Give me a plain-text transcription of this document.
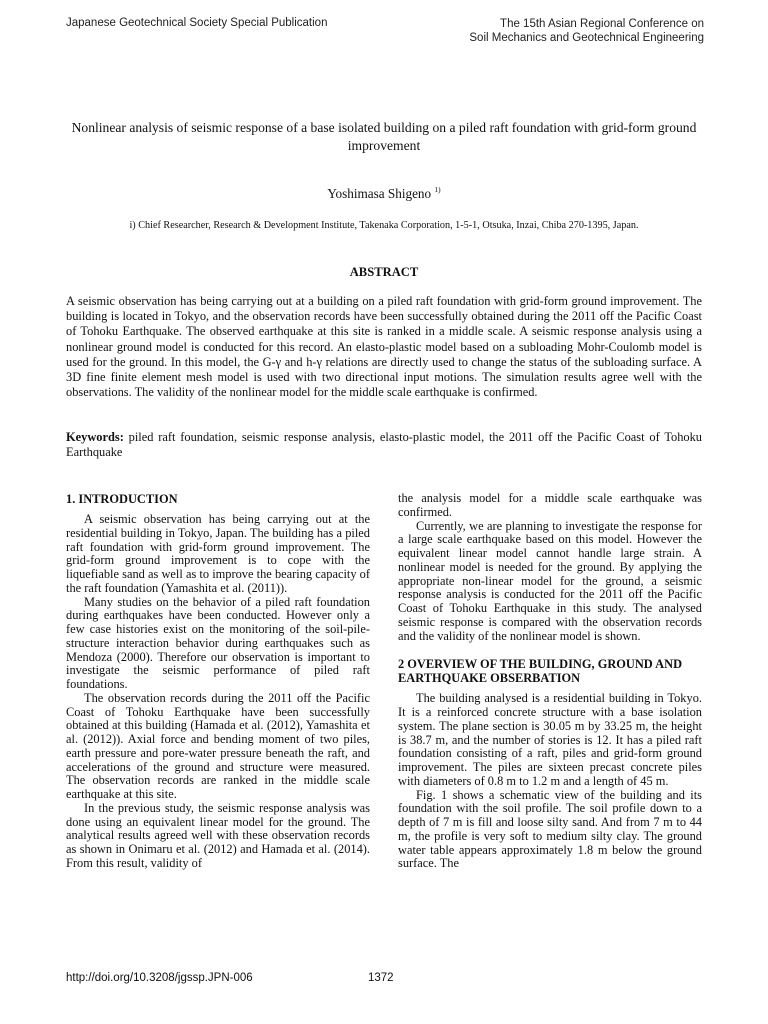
Japanese Geotechnical Society Special Publication	The 15th Asian Regional Conference on
Soil Mechanics and Geotechnical Engineering
Nonlinear analysis of seismic response of a base isolated building on a piled raft foundation with grid-form ground improvement
Yoshimasa Shigeno $^{1)}$
i) Chief Researcher, Research & Development Institute, Takenaka Corporation, 1-5-1, Otsuka, Inzai, Chiba 270-1395, Japan.
ABSTRACT

A seismic observation has being carrying out at a building on a piled raft foundation with grid-form ground improvement. The building is located in Tokyo, and the observation records have been successfully obtained during the 2011 off the Pacific Coast of Tohoku Earthquake. The observed earthquake at this site is ranked in a middle scale. A seismic response analysis using a nonlinear ground model is conducted for this record. An elasto-plastic model based on a subloading Mohr-Coulomb model is used for the ground. In this model, the G-γ and h-γ relations are directly used to change the status of the subloading surface. A 3D fine finite element mesh model is used with two directional input motions. The simulation results agree well with the observations. The validity of the nonlinear model for the middle scale earthquake is confirmed.

Keywords: piled raft foundation, seismic response analysis, elasto-plastic model, the 2011 off the Pacific Coast of Tohoku Earthquake

1. INTRODUCTION

A seismic observation has being carrying out at the residential building in Tokyo, Japan. The building has a piled raft foundation with grid-form ground improvement. The grid-form ground improvement is to cope with the liquefiable sand as well as to improve the bearing capacity of the raft foundation (Yamashita et al. (2011)).

Many studies on the behavior of a piled raft foundation during earthquakes have been conducted. However only a few case histories exist on the monitoring of the soil-pile-structure interaction behavior during earthquakes such as Mendoza (2000). Therefore our observation is important to investigate the seismic performance of piled raft foundations.

The observation records during the 2011 off the Pacific Coast of Tohoku Earthquake have been successfully obtained at this building (Hamada et al. (2012), Yamashita et al. (2012)). Axial force and bending moment of two piles, earth pressure and pore-water pressure beneath the raft, and accelerations of the ground and structure were measured. The observation records are ranked in the middle scale earthquake at this site.

In the previous study, the seismic response analysis was done using an equivalent linear model for the ground. The analytical results agreed well with these observation records as shown in Onimaru et al. (2012) and Hamada et al. (2014). From this result, validity of

the analysis model for a middle scale earthquake was confirmed.

Currently, we are planning to investigate the response for a large scale earthquake based on this model. However the equivalent linear model cannot handle large strain. A nonlinear model is needed for the ground. By applying the appropriate non-linear model for the ground, a seismic response analysis is conducted for the 2011 off the Pacific Coast of Tohoku Earthquake in this study. The analysed seismic response is compared with the observation records and the validity of the nonlinear model is shown.

2 OVERVIEW OF THE BUILDING, GROUND AND EARTHQUAKE OBSERBATION

The building analysed is a residential building in Tokyo. It is a reinforced concrete structure with a base isolation system. The plane section is 30.05 m by 33.25 m, the height is 38.7 m, and the number of stories is 12. It has a piled raft foundation consisting of a raft, piles and grid-form ground improvement. The piles are sixteen precast concrete piles with diameters of 0.8 m to 1.2 m and a length of 45 m.

Fig. 1 shows a schematic view of the building and its foundation with the soil profile. The soil profile down to a depth of 7 m is fill and loose silty sand. And from 7 m to 44 m, the profile is very soft to medium silty clay. The ground water table appears approximately 1.8 m below the ground surface. The

http://doi.org/10.3208/jgssp.JPN-006	1372
